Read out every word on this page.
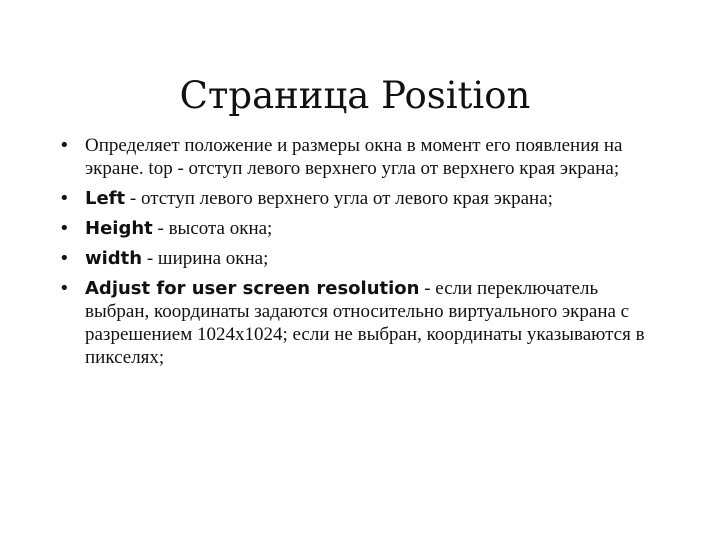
Страница Position
• Определяет положение и размеры окна в момент его появления на экране. top - отступ левого верхнего угла от верхнего края экрана;
• Left - отступ левого верхнего угла от левого края экрана;
• Height - высота окна;
• width - ширина окна;
• Adjust for user screen resolution - если переключатель выбран, координаты задаются относительно виртуального экрана с разрешением 1024x1024; если не выбран, координаты указываются в пикселях;
